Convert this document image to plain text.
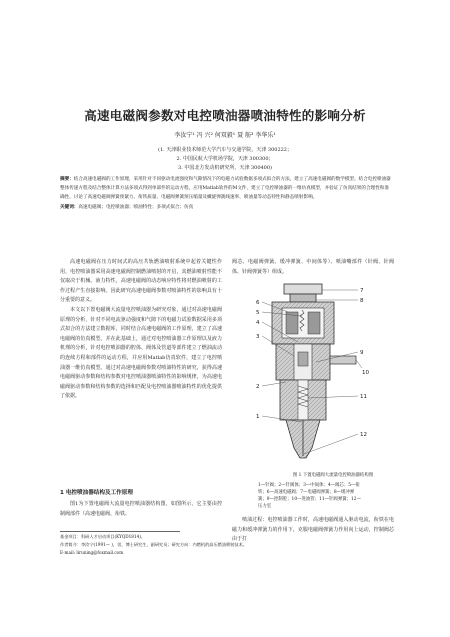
高速电磁阀参数对电控喷油器喷油特性的影响分析
李汝宁¹ 冯 兴² 何双毅¹ 聂 舫³ 李华乐¹
(1. 天津职业技术师范大学汽车与交通学院，天津 300222；
2. 中国民航大学机场学院，天津 300300；
3. 中国北方发动机研究所，天津 300400)
摘要：结合高速电磁阀的工作原理，采用针对不同驱动电流强度和气隙情况下的电磁力试验数据多项式拟合的方法，建立了高速电磁阀的数学模型。结合电控喷油器整体传递方程及结合整体计算方法多项式得到单部件的运动方程，应用Matlab软件的M文件，建立了电控喷油器的一维仿真模型，并验证了仿真结果的合理性和准确性。讨论了高速电磁阀弹簧预紧力、衔铁质量、电磁阀弹簧预压缩量及螺旋弹簧线速率、喷油量等动态特性和静态喷射影响。
关键词：高速电磁阀；电控喷油器；喷油特性；多项式拟合；仿真

高速电磁阀在压力时间式的高压共轨燃油喷射系统中起着关键性作用，电控喷油器采用高速电磁阀控制燃油喷射的开启，其燃油喷射性能不仅取决于机械、液力特性，高速电磁阀的动态响应特性将对燃油喷射的工作过程产生直接影响。因此研究高速电磁阀参数对喷油特性的影响具有十分重要的意义。

本文以下置电磁阀大流量电控喷油器为研究对象，通过对高速电磁阀原理的分析，针对不同电流驱动强度和气隙下的电磁力试验数据采用多项式拟合的方法建立数据库，同时结合高速电磁阀的工作原理，建立了高速电磁阀的仿真模型。并在此基础上，通过对电控喷油器工作原理以及液力机理的分析，针对电控喷油器的腔体、阀体及管道等部件建立了燃油流动的连续方程和部件的运动方程，并应用Matlab仿真软件，建立了电控喷油器一维仿真模型。通过对高速电磁阀参数对喷油特性的研究，获得高速电磁阀驱动参数和结构参数对电控喷油器喷油特性的影响规律，为高速电磁阀驱动参数和结构参数的选择和匹配及电控喷油器喷油特性的优化提供了依据。

1 电控喷油器结构及工作原理

图1为下置电磁阀大流量电控喷油器结构图，如图所示，它主要由控制阀部件（高速电磁阀、衔铁、

阀芯、电磁阀弹簧、缓冲弹簧、中间体等）、喷油嘴部件（针阀、针阀体、针阀弹簧等）组成。

7
8
6
5
4
3
9
10
2
11
1
12
图 1 下置电磁阀大流量电控喷油器结构图
1—针阀；2—针阀体；3—中间体；4—阀芯；5—衔
铁；6—高速电磁阀；7—电磁阀弹簧；8—缓冲弹
簧；9—控制腔；10—进油管；11—针阀弹簧；12—
压力室

喷油过程：电控喷油器工作时，高速电磁阀通入驱动电流，衔铁在电磁力和缓冲弹簧力的作用下，克服电磁阀弹簧力作用向上运动，控制阀芯由于打

基金项目：科研人才启动项目(KYQD1814)。
作者简介：李汝宁(1991— )，男，博士研究生，副研究员；研究方向：内燃机的高压燃油喷射技术。
E-mail: liruning@foxmail.com
